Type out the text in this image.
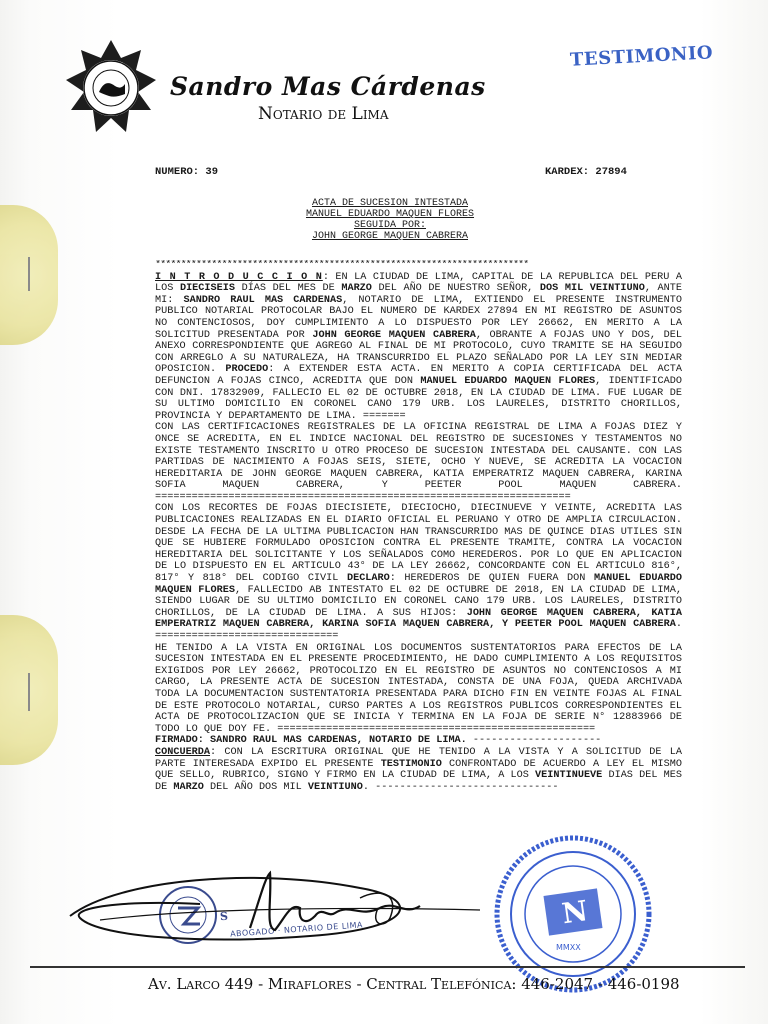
Sandro Mas Cárdenas
Notario de Lima
TESTIMONIO
NUMERO: 39	KARDEX: 27894
ACTA DE SUCESION INTESTADA
MANUEL EDUARDO MAQUEN FLORES
SEGUIDA POR:
JOHN GEORGE MAQUEN CABRERA
*************************************************************************

I N T R O D U C C I O N: EN LA CIUDAD DE LIMA, CAPITAL DE LA REPUBLICA DEL PERU A LOS DIECISEIS DÍAS DEL MES DE MARZO DEL AÑO DE NUESTRO SEÑOR, DOS MIL VEINTIUNO, ANTE MI: SANDRO RAUL MAS CARDENAS, NOTARIO DE LIMA, EXTIENDO EL PRESENTE INSTRUMENTO PUBLICO NOTARIAL PROTOCOLAR BAJO EL NUMERO DE KARDEX 27894 EN MI REGISTRO DE ASUNTOS NO CONTENCIOSOS, DOY CUMPLIMIENTO A LO DISPUESTO POR LEY 26662, EN MERITO A LA SOLICITUD PRESENTADA POR JOHN GEORGE MAQUEN CABRERA, OBRANTE A FOJAS UNO Y DOS, DEL ANEXO CORRESPONDIENTE QUE AGREGO AL FINAL DE MI PROTOCOLO, CUYO TRAMITE SE HA SEGUIDO CON ARREGLO A SU NATURALEZA, HA TRANSCURRIDO EL PLAZO SEÑALADO POR LA LEY SIN MEDIAR OPOSICION. PROCEDO: A EXTENDER ESTA ACTA. EN MERITO A COPIA CERTIFICADA DEL ACTA DEFUNCION A FOJAS CINCO, ACREDITA QUE DON MANUEL EDUARDO MAQUEN FLORES, IDENTIFICADO CON DNI. 17832909, FALLECIO EL 02 DE OCTUBRE 2018, EN LA CIUDAD DE LIMA. FUE LUGAR DE SU ULTIMO DOMICILIO EN CORONEL CANO 179 URB. LOS LAURELES, DISTRITO CHORILLOS, PROVINCIA Y DEPARTAMENTO DE LIMA. =======

CON LAS CERTIFICACIONES REGISTRALES DE LA OFICINA REGISTRAL DE LIMA A FOJAS DIEZ Y ONCE SE ACREDITA, EN EL INDICE NACIONAL DEL REGISTRO DE SUCESIONES Y TESTAMENTOS NO EXISTE TESTAMENTO INSCRITO U OTRO PROCESO DE SUCESION INTESTADA DEL CAUSANTE. CON LAS PARTIDAS DE NACIMIENTO A FOJAS SEIS, SIETE, OCHO Y NUEVE, SE ACREDITA LA VOCACION HEREDITARIA DE JOHN GEORGE MAQUEN CABRERA, KATIA EMPERATRIZ MAQUEN CABRERA, KARINA SOFIA MAQUEN CABRERA, Y PEETER POOL MAQUEN CABRERA. ====================================================================

CON LOS RECORTES DE FOJAS DIECISIETE, DIECIOCHO, DIECINUEVE Y VEINTE, ACREDITA LAS PUBLICACIONES REALIZADAS EN EL DIARIO OFICIAL EL PERUANO Y OTRO DE AMPLIA CIRCULACION. DESDE LA FECHA DE LA ULTIMA PUBLICACION HAN TRANSCURRIDO MAS DE QUINCE DIAS UTILES SIN QUE SE HUBIERE FORMULADO OPOSICION CONTRA EL PRESENTE TRAMITE, CONTRA LA VOCACION HEREDITARIA DEL SOLICITANTE Y LOS SEÑALADOS COMO HEREDEROS. POR LO QUE EN APLICACION DE LO DISPUESTO EN EL ARTICULO 43° DE LA LEY 26662, CONCORDANTE CON EL ARTICULO 816°, 817° Y 818° DEL CODIGO CIVIL DECLARO: HEREDEROS DE QUIEN FUERA DON MANUEL EDUARDO MAQUEN FLORES, FALLECIDO AB INTESTATO EL 02 DE OCTUBRE DE 2018, EN LA CIUDAD DE LIMA, SIENDO LUGAR DE SU ULTIMO DOMICILIO EN CORONEL CANO 179 URB. LOS LAURELES, DISTRITO CHORILLOS, DE LA CIUDAD DE LIMA. A SUS HIJOS: JOHN GEORGE MAQUEN CABRERA, KATIA EMPERATRIZ MAQUEN CABRERA, KARINA SOFIA MAQUEN CABRERA, Y PEETER POOL MAQUEN CABRERA. ==============================

HE TENIDO A LA VISTA EN ORIGINAL LOS DOCUMENTOS SUSTENTATORIOS PARA EFECTOS DE LA SUCESION INTESTADA EN EL PRESENTE PROCEDIMIENTO, HE DADO CUMPLIMIENTO A LOS REQUISITOS EXIGIDOS POR LEY 26662, PROTOCOLIZO EN EL REGISTRO DE ASUNTOS NO CONTENCIOSOS A MI CARGO, LA PRESENTE ACTA DE SUCESION INTESTADA, CONSTA DE UNA FOJA, QUEDA ARCHIVADA TODA LA DOCUMENTACION SUSTENTATORIA PRESENTADA PARA DICHO FIN EN VEINTE FOJAS AL FINAL DE ESTE PROTOCOLO NOTARIAL, CURSO PARTES A LOS REGISTROS PUBLICOS CORRESPONDIENTES EL ACTA DE PROTOCOLIZACION QUE SE INICIA Y TERMINA EN LA FOJA DE SERIE N° 12883966 DE TODO LO QUE DOY FE. ====================================================

FIRMADO: SANDRO RAUL MAS CARDENAS, NOTARIO DE LIMA. ---------------------

CONCUERDA: CON LA ESCRITURA ORIGINAL QUE HE TENIDO A LA VISTA Y A SOLICITUD DE LA PARTE INTERESADA EXPIDO EL PRESENTE TESTIMONIO CONFRONTADO DE ACUERDO A LEY EL MISMO QUE SELLO, RUBRICO, SIGNO Y FIRMO EN LA CIUDAD DE LIMA, A LOS VEINTINUEVE DIAS DEL MES DE MARZO DEL AÑO DOS MIL VEINTIUNO. ------------------------------

S
ABOGADO · NOTARIO DE LIMA	N
MMXX
Av. Larco 449 - Miraflores - Central Telefónica: 446-2047 - 446-0198
